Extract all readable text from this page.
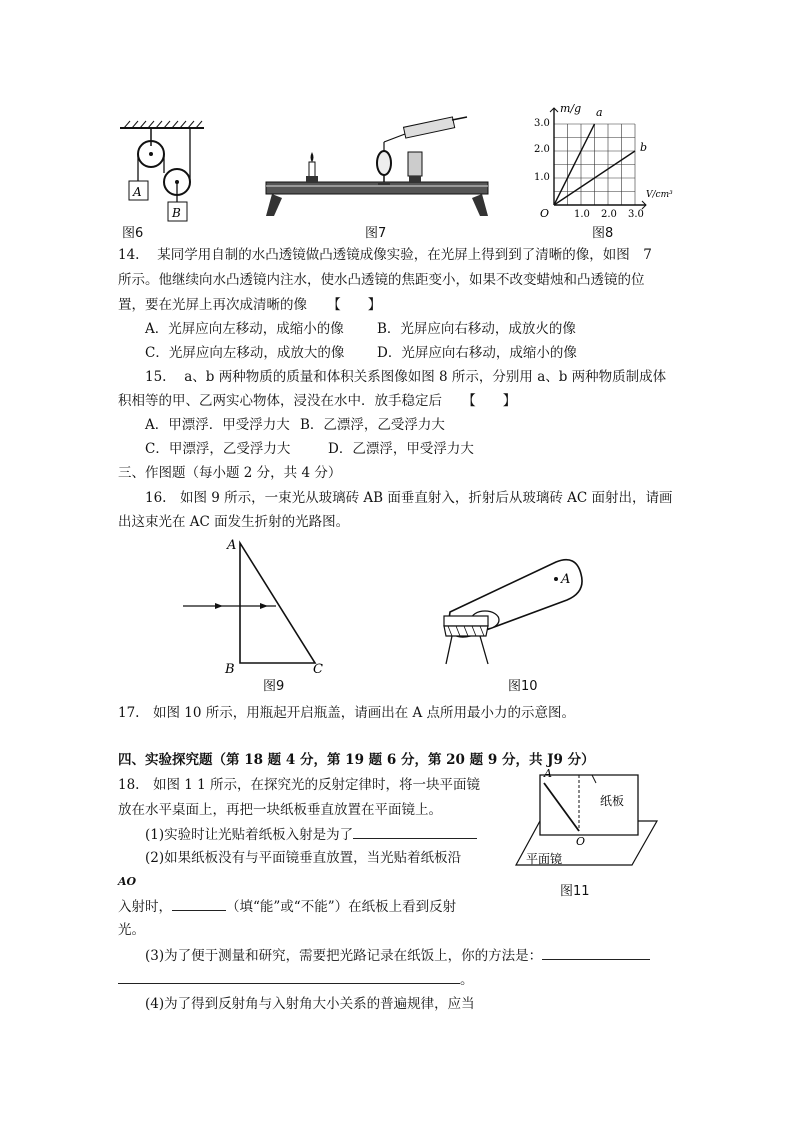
A
B
图6	图7
m/g
V/cm³
O
1.0
2.0
3.0
1.0 2.0 3.0
a
b
图8
14.　 某同学用自制的水凸透镜做凸透镜成像实验，在光屏上得到到了清晰的像，如图　7
所示。他继续向水凸透镜内注水，使水凸透镜的焦距变小，如果不改变蜡烛和凸透镜的位
置，要在光屏上再次成清晰的像　　【　　】
A．光屏应向左移动，成缩小的像 B．光屏应向右移动，成放火的像
C．光屏应向左移动，成放大的像 D．光屏应向右移动，成缩小的像
15.　 a、b 两种物质的质量和体积关系图像如图 8 所示，分别用 a、b 两种物质制成体
积相等的甲、乙两实心物体，浸没在水中．放手稳定后　　【　　】
A．甲漂浮．甲受浮力大 B．乙漂浮，乙受浮力大
C．甲漂浮，乙受浮力大	D．乙漂浮，甲受浮力大
三、作图题（每小题 2 分，共 4 分）
16.　如图 9 所示，一束光从玻璃砖 AB 面垂直射入，折射后从玻璃砖 AC 面射出，请画
出这束光在 AC 面发生折射的光路图。
A
B	C
图9
A
图10
17.　如图 10 所示，用瓶起开启瓶盖，请画出在 A 点所用最小力的示意图。
四、实验探究题（第 18 题 4 分，第 19 题 6 分，第 20 题 9 分，共 J9 分）
18.　如图 1 1 所示，在探究光的反射定律时，将一块平面镜
放在水平桌面上，再把一块纸板垂直放置在平面镜上。
(1)实验时让光贴着纸板入射是为了
(2)如果纸板没有与平面镜垂直放置，当光贴着纸板沿
AO
入射时，	（填“能”或“不能”）在纸板上看到反射
光。
(3)为了便于测量和研究，需要把光路记录在纸饭上，你的方法是：
。
(4)为了得到反射角与入射角大小关系的普遍规律，应当
A
O
纸板
平面镜
图11
